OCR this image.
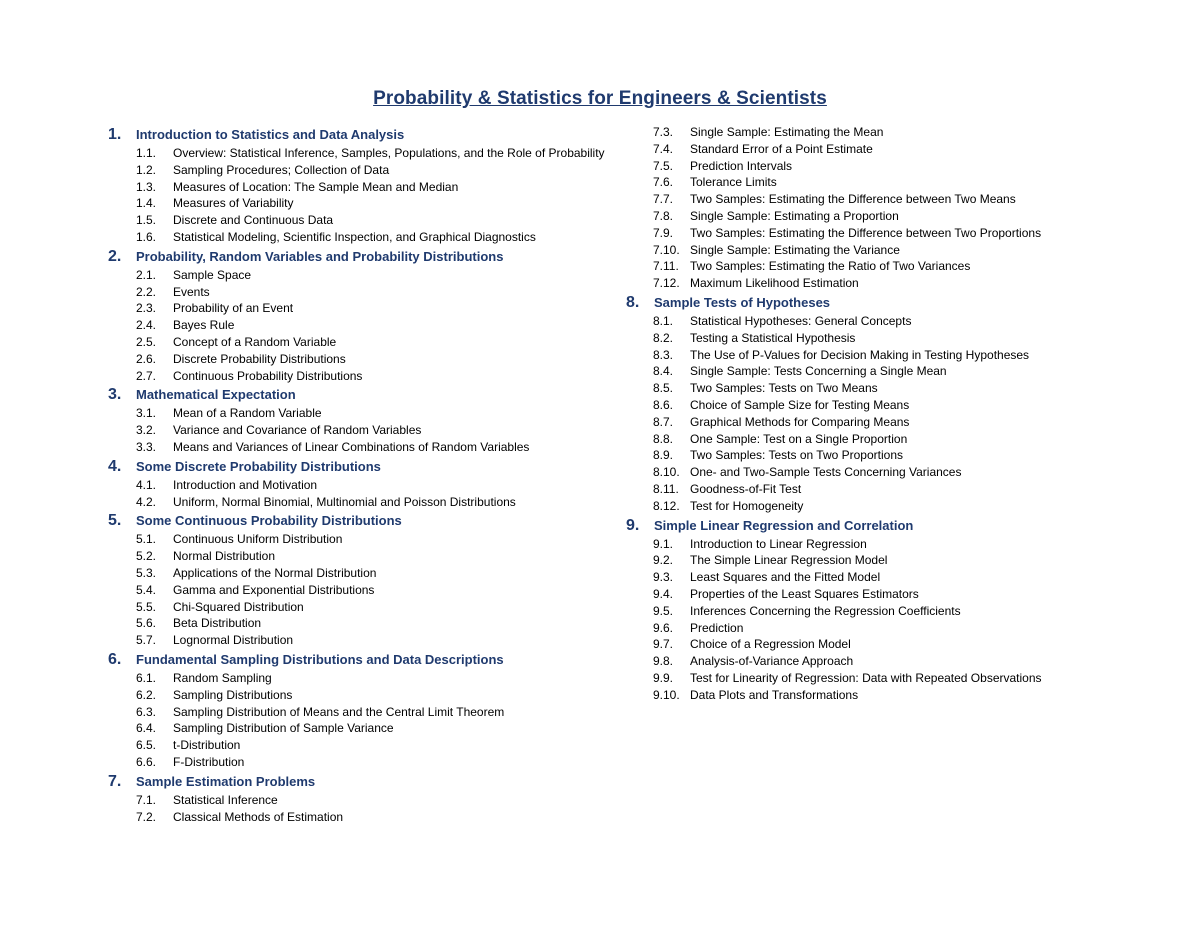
Probability & Statistics for Engineers & Scientists
1.	Introduction to Statistics and Data Analysis
1.1.	Overview: Statistical Inference, Samples, Populations, and the Role of Probability
1.2.	Sampling Procedures; Collection of Data
1.3.	Measures of Location: The Sample Mean and Median
1.4.	Measures of Variability
1.5.	Discrete and Continuous Data
1.6.	Statistical Modeling, Scientific Inspection, and Graphical Diagnostics
2.	Probability, Random Variables and Probability Distributions
2.1.	Sample Space
2.2.	Events
2.3.	Probability of an Event
2.4.	Bayes Rule
2.5.	Concept of a Random Variable
2.6.	Discrete Probability Distributions
2.7.	Continuous Probability Distributions
3.	Mathematical Expectation
3.1.	Mean of a Random Variable
3.2.	Variance and Covariance of Random Variables
3.3.	Means and Variances of Linear Combinations of Random Variables
4.	Some Discrete Probability Distributions
4.1.	Introduction and Motivation
4.2.	Uniform, Normal Binomial, Multinomial and Poisson Distributions
5.	Some Continuous Probability Distributions
5.1.	Continuous Uniform Distribution
5.2.	Normal Distribution
5.3.	Applications of the Normal Distribution
5.4.	Gamma and Exponential Distributions
5.5.	Chi-Squared Distribution
5.6.	Beta Distribution
5.7.	Lognormal Distribution
6.	Fundamental Sampling Distributions and Data Descriptions
6.1.	Random Sampling
6.2.	Sampling Distributions
6.3.	Sampling Distribution of Means and the Central Limit Theorem
6.4.	Sampling Distribution of Sample Variance
6.5.	t-Distribution
6.6.	F-Distribution
7.	Sample Estimation Problems
7.1.	Statistical Inference
7.2.	Classical Methods of Estimation
7.3.	Single Sample: Estimating the Mean
7.4.	Standard Error of a Point Estimate
7.5.	Prediction Intervals
7.6.	Tolerance Limits
7.7.	Two Samples: Estimating the Difference between Two Means
7.8.	Single Sample: Estimating a Proportion
7.9.	Two Samples: Estimating the Difference between Two Proportions
7.10. Single Sample: Estimating the Variance
7.11. Two Samples: Estimating the Ratio of Two Variances
7.12. Maximum Likelihood Estimation
8.	Sample Tests of Hypotheses
8.1.	Statistical Hypotheses: General Concepts
8.2.	Testing a Statistical Hypothesis
8.3.	The Use of P-Values for Decision Making in Testing Hypotheses
8.4.	Single Sample: Tests Concerning a Single Mean
8.5.	Two Samples: Tests on Two Means
8.6.	Choice of Sample Size for Testing Means
8.7.	Graphical Methods for Comparing Means
8.8.	One Sample: Test on a Single Proportion
8.9.	Two Samples: Tests on Two Proportions
8.10. One- and Two-Sample Tests Concerning Variances
8.11. Goodness-of-Fit Test
8.12. Test for Homogeneity
9.	Simple Linear Regression and Correlation
9.1.	Introduction to Linear Regression
9.2.	The Simple Linear Regression Model
9.3.	Least Squares and the Fitted Model
9.4.	Properties of the Least Squares Estimators
9.5.	Inferences Concerning the Regression Coefficients
9.6.	Prediction
9.7.	Choice of a Regression Model
9.8.	Analysis-of-Variance Approach
9.9.	Test for Linearity of Regression: Data with Repeated Observations
9.10. Data Plots and Transformations
